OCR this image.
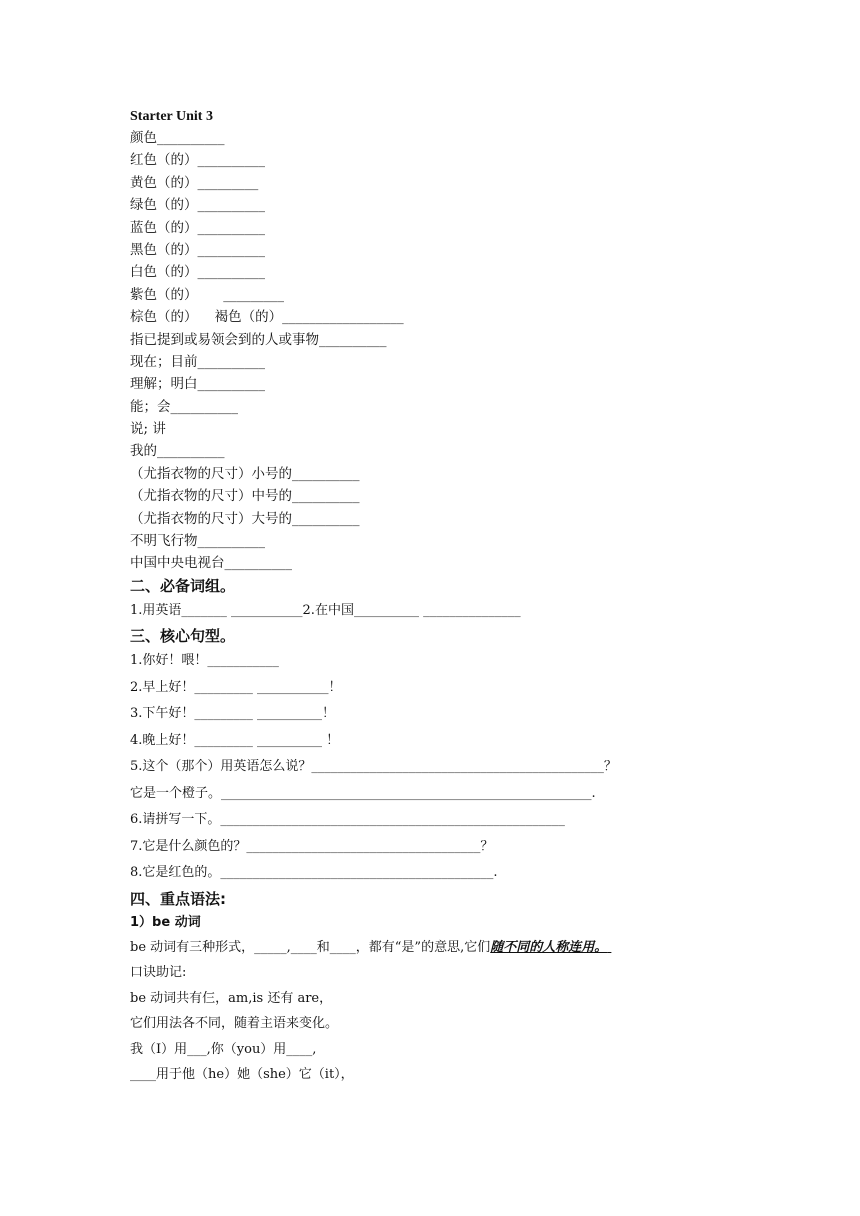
Starter Unit 3
颜色__________
红色（的）__________
黄色（的）_________
绿色（的）__________
蓝色（的）__________
黑色（的）__________
白色（的）__________
紫色（的）      _________
棕色（的）    褐色（的）__________________
指已提到或易领会到的人或事物__________
现在；目前__________
理解；明白__________
能；会__________
说; 讲
我的__________
（尤指衣物的尺寸）小号的__________
（尤指衣物的尺寸）中号的__________
（尤指衣物的尺寸）大号的__________
不明飞行物__________
中国中央电视台__________
二、必备词组。
1.用英语_______ ___________2.在中国__________ _______________
三、核心句型。
1.你好！喂！___________
2.早上好！_________ ___________！
3.下午好！_________ __________！
4.晚上好！_________ __________ ！
5.这个（那个）用英语怎么说？_____________________________________________？
它是一个橙子。_________________________________________________________.
6.请拼写一下。_____________________________________________________
7.它是什么颜色的？____________________________________？
8.它是红色的。__________________________________________.
四、重点语法:
1）be 动词
be 动词有三种形式，_____,____和____，都有“是”的意思,它们随不同的人称连用。
口诀助记:
be 动词共有仨，am,is 还有 are，
它们用法各不同，随着主语来变化。
我（I）用___,你（you）用____,
____用于他（he）她（she）它（it），
